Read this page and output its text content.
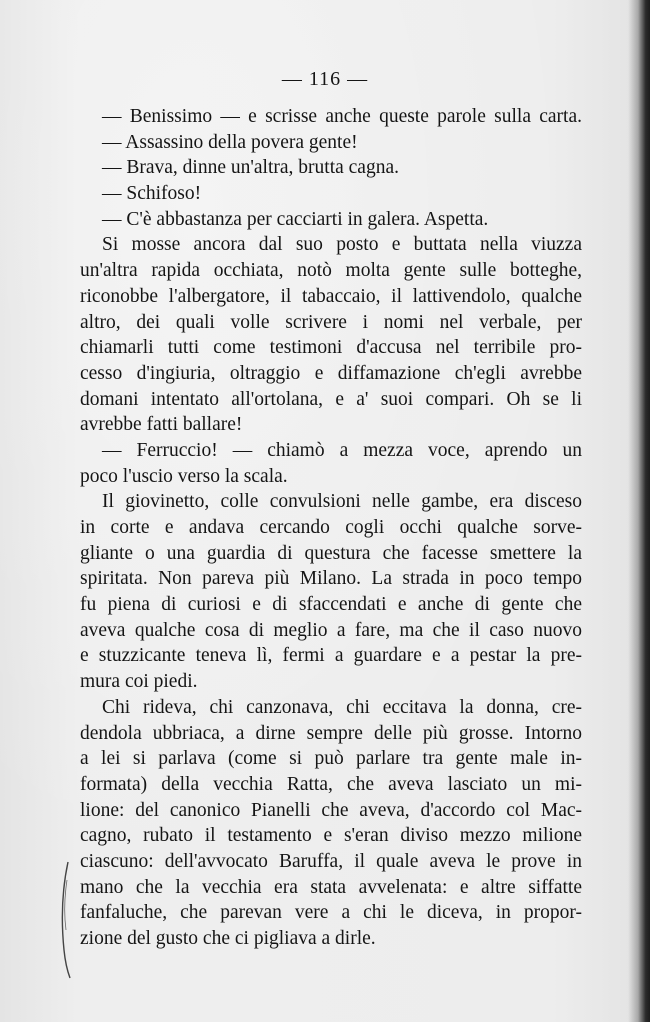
— 116 —
— Benissimo — e scrisse anche queste parole sulla carta.
— Assassino della povera gente!
— Brava, dinne un'altra, brutta cagna.
— Schifoso!
— C'è abbastanza per cacciarti in galera. Aspetta.
Si mosse ancora dal suo posto e buttata nella viuzza
un'altra rapida occhiata, notò molta gente sulle botteghe,
riconobbe l'albergatore, il tabaccaio, il lattivendolo, qualche
altro, dei quali volle scrivere i nomi nel verbale, per
chiamarli tutti come testimoni d'accusa nel terribile pro-
cesso d'ingiuria, oltraggio e diffamazione ch'egli avrebbe
domani intentato all'ortolana, e a' suoi compari. Oh se li
avrebbe fatti ballare!
— Ferruccio! — chiamò a mezza voce, aprendo un
poco l'uscio verso la scala.
Il giovinetto, colle convulsioni nelle gambe, era disceso
in corte e andava cercando cogli occhi qualche sorve-
gliante o una guardia di questura che facesse smettere la
spiritata. Non pareva più Milano. La strada in poco tempo
fu piena di curiosi e di sfaccendati e anche di gente che
aveva qualche cosa di meglio a fare, ma che il caso nuovo
e stuzzicante teneva lì, fermi a guardare e a pestar la pre-
mura coi piedi.
Chi rideva, chi canzonava, chi eccitava la donna, cre-
dendola ubbriaca, a dirne sempre delle più grosse. Intorno
a lei si parlava (come si può parlare tra gente male in-
formata) della vecchia Ratta, che aveva lasciato un mi-
lione: del canonico Pianelli che aveva, d'accordo col Mac-
cagno, rubato il testamento e s'eran diviso mezzo milione
ciascuno: dell'avvocato Baruffa, il quale aveva le prove in
mano che la vecchia era stata avvelenata: e altre siffatte
fanfaluche, che parevan vere a chi le diceva, in propor-
zione del gusto che ci pigliava a dirle.
